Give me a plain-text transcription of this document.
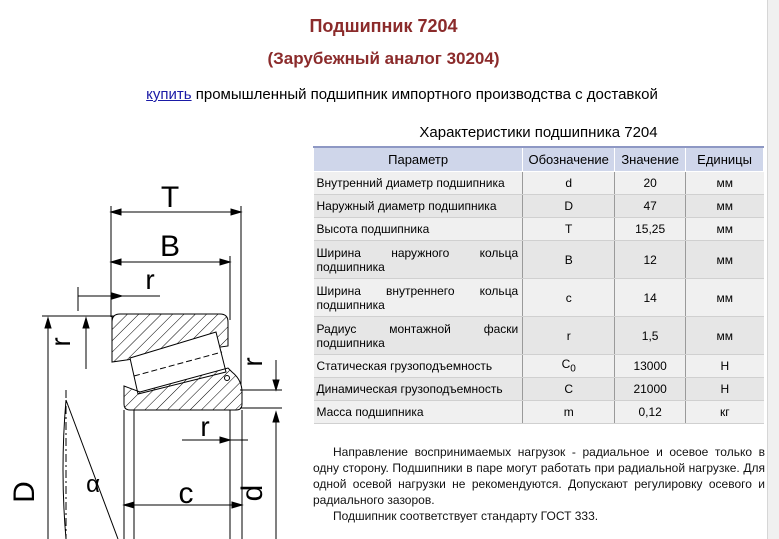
Подшипник 7204
(Зарубежный аналог 30204)
купить промышленный подшипник импортного производства с доставкой
T
B
r
r
r
r
D α	c d
Характеристики подшипника 7204
Параметр	Обозначение	Значение	Единицы
Внутренний диаметр подшипника	d	20	мм
Наружный диаметр подшипника	D	47	мм
Высота подшипника	T	15,25	мм
Ширина наружного кольца подшипника	B	12	мм
Ширина внутреннего кольца подшипника	c	14	мм
Радиус монтажной фаски подшипника	r	1,5	мм
Статическая грузоподъемность	$C_0$	13000	Н
Динамическая грузоподъемность	C	21000	Н
Масса подшипника	m	0,12	кг

Направление воспринимаемых нагрузок - радиальное и осевое только в одну сторону. Подшипники в паре могут работать при радиальной нагрузке. Для одной осевой нагрузки не рекомендуются. Допускают регулировку осевого и радиального зазоров.

Подшипник соответствует стандарту ГОСТ 333.
